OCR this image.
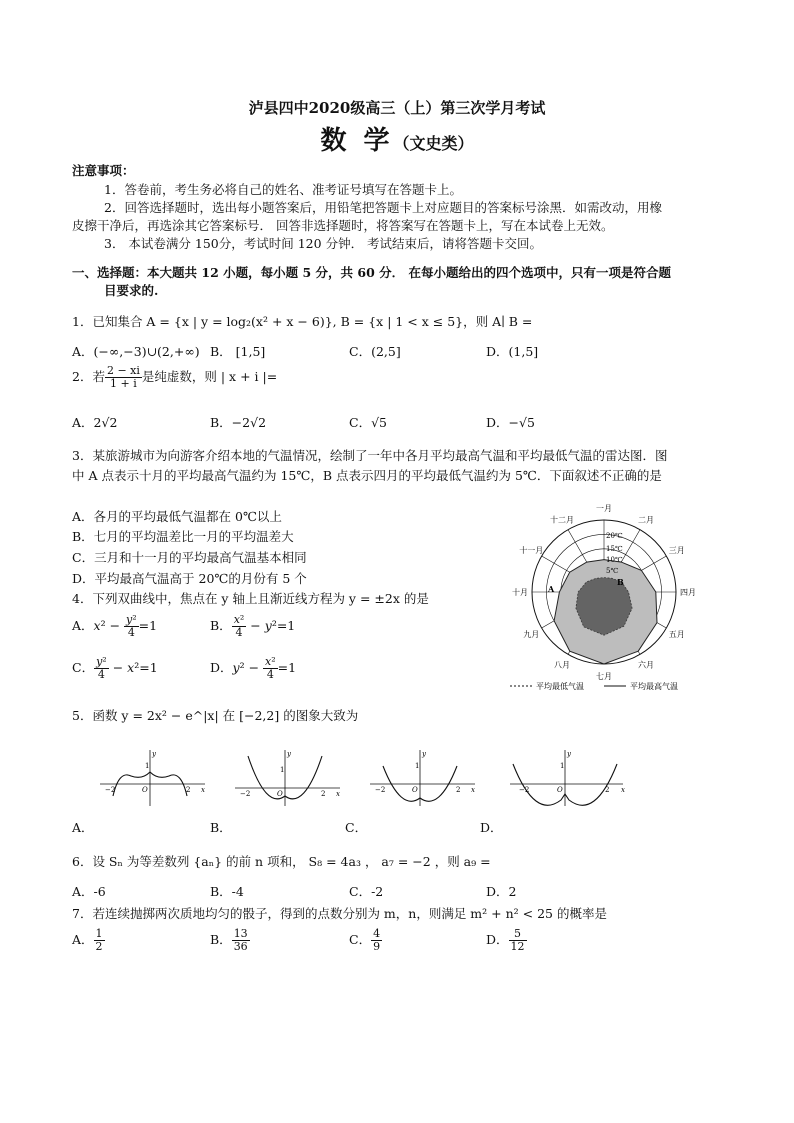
泸县四中2020级高三（上）第三次学月考试
数 学（文史类）
注意事项：
1．答卷前，考生务必将自己的姓名、准考证号填写在答题卡上。
2．回答选择题时，选出每小题答案后，用铅笔把答题卡上对应题目的答案标号涂黑．如需改动，用橡
皮擦干净后，再选涂其它答案标号． 回答非选择题时，将答案写在答题卡上，写在本试卷上无效。
3． 本试卷满分 150分，考试时间 120 分钟． 考试结束后，请将答题卡交回。
一、选择题：本大题共 12 小题，每小题 5 分，共 60 分． 在每小题给出的四个选项中，只有一项是符合题
目要求的.
1．已知集合 A = {x | y = log₂(x² + x − 6)}, B = {x | 1 < x ≤ 5}，则 A∣ B =
A．(−∞,−3)∪(2,+∞) B． [1,5]	C．(2,5]	D．(1,5]
2．若 $\frac{2 - xi}{1 + i}$ 是纯虚数，则 | x + i |=
A．2√2	B．−2√2	C．√5	D．−√5
3．某旅游城市为向游客介绍本地的气温情况，绘制了一年中各月平均最高气温和平均最低气温的雷达图．图
中 A 点表示十月的平均最高气温约为 15℃，B 点表示四月的平均最低气温约为 5℃．下面叙述不正确的是
A．各月的平均最低气温都在 0℃以上
B．七月的平均温差比一月的平均温差大
C．三月和十一月的平均最高气温基本相同
D．平均最高气温高于 20℃的月份有 5 个
4．下列双曲线中，焦点在 y 轴上且渐近线方程为 y = ±2x 的是
A．$x^2 - \frac{\text{y²}}{4} =1$	B． $\frac{\text{x²}}{4} - y^2=1$
C． $\frac{\text{y²}}{4} - x^2=1$	D．$y^2 - \frac{\text{x²}}{4} =1$
一月
二月
三月
四月
五月
六月
七月
八月
九月
十月
十一月
十二月
20℃
15℃
10℃
5℃
A
B
平均最低气温	平均最高气温
5．函数 y = 2x² − e^|x| 在 [−2,2] 的图象大致为
y
x
O
−2	2
1
y
x
O
−2	2
1
y
x
O
−2	2
1
y
x
O
−2	2
1
A．	B．	C．	D．
6．设 Sₙ 为等差数列 {aₙ} 的前 n 项和， S₈ = 4a₃ ， a₇ = −2 ，则 a₉ =
A．-6	B．-4	C．-2	D．2
7．若连续抛掷两次质地均匀的骰子，得到的点数分别为 m，n，则满足 m² + n² < 25 的概率是
A． $\frac{1}{2}$	B． $\frac{13}{36}$	C． $\frac{4}{9}$	D． $\frac{5}{12}$
